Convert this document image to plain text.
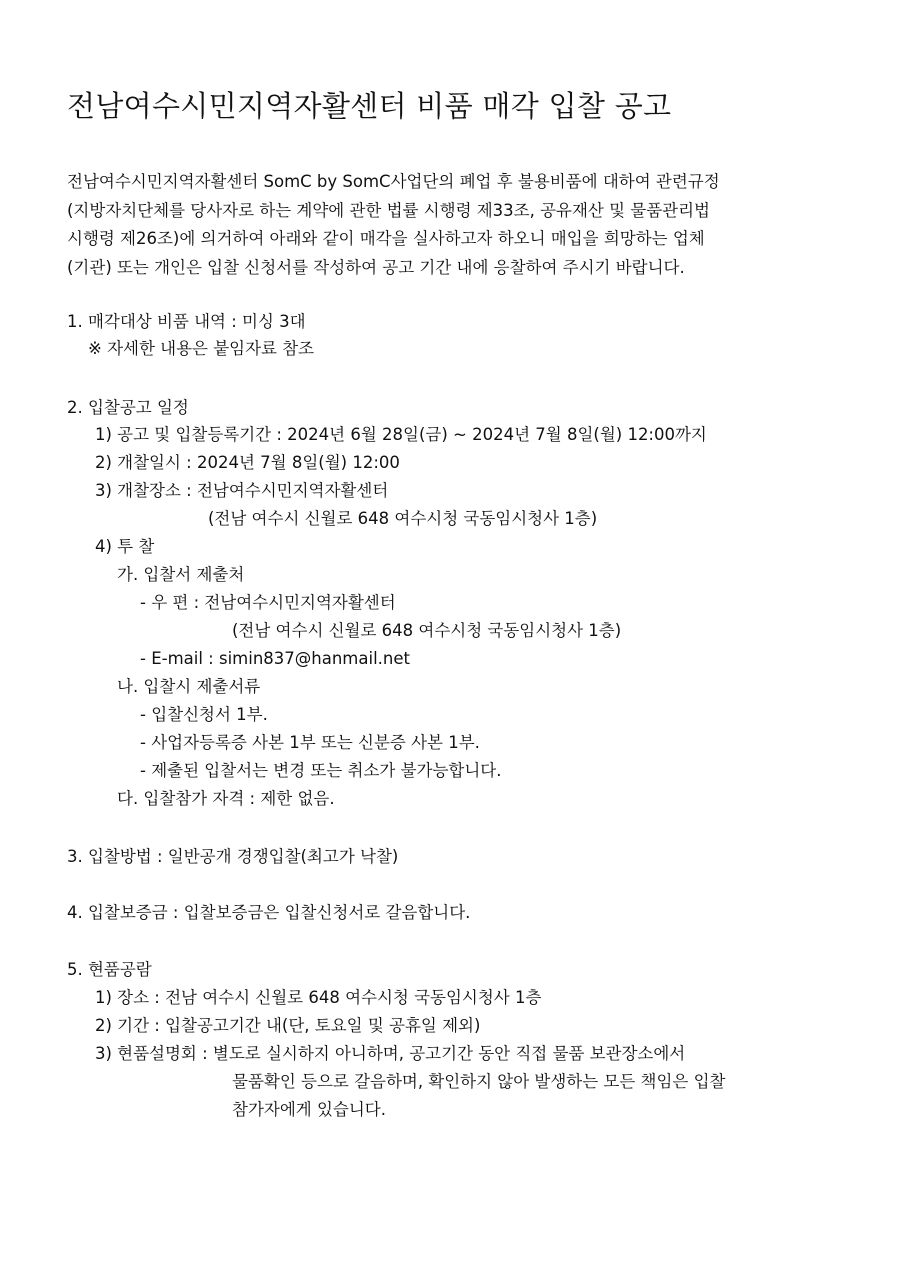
전남여수시민지역자활센터 비품 매각 입찰 공고
전남여수시민지역자활센터 SomC by SomC사업단의 폐업 후 불용비품에 대하여 관련규정
(지방자치단체를 당사자로 하는 계약에 관한 법률 시행령 제33조, 공유재산 및 물품관리법
시행령 제26조)에 의거하여 아래와 같이 매각을 실사하고자 하오니 매입을 희망하는 업체
(기관) 또는 개인은 입찰 신청서를 작성하여 공고 기간 내에 응찰하여 주시기 바랍니다.
1. 매각대상 비품 내역 : 미싱 3대
※ 자세한 내용은 붙임자료 참조
2. 입찰공고 일정
1) 공고 및 입찰등록기간 : 2024년 6월 28일(금) ~ 2024년 7월 8일(월) 12:00까지
2) 개찰일시 : 2024년 7월 8일(월) 12:00
3) 개찰장소 : 전남여수시민지역자활센터
(전남 여수시 신월로 648 여수시청 국동임시청사 1층)
4) 투 찰
가. 입찰서 제출처
- 우 편 : 전남여수시민지역자활센터
(전남 여수시 신월로 648 여수시청 국동임시청사 1층)
- E-mail : simin837@hanmail.net
나. 입찰시 제출서류
- 입찰신청서 1부.
- 사업자등록증 사본 1부 또는 신분증 사본 1부.
- 제출된 입찰서는 변경 또는 취소가 불가능합니다.
다. 입찰참가 자격 : 제한 없음.
3. 입찰방법 : 일반공개 경쟁입찰(최고가 낙찰)
4. 입찰보증금 : 입찰보증금은 입찰신청서로 갈음합니다.
5. 현품공람
1) 장소 : 전남 여수시 신월로 648 여수시청 국동임시청사 1층
2) 기간 : 입찰공고기간 내(단, 토요일 및 공휴일 제외)
3) 현품설명회 : 별도로 실시하지 아니하며, 공고기간 동안 직접 물품 보관장소에서
물품확인 등으로 갈음하며, 확인하지 않아 발생하는 모든 책임은 입찰
참가자에게 있습니다.
